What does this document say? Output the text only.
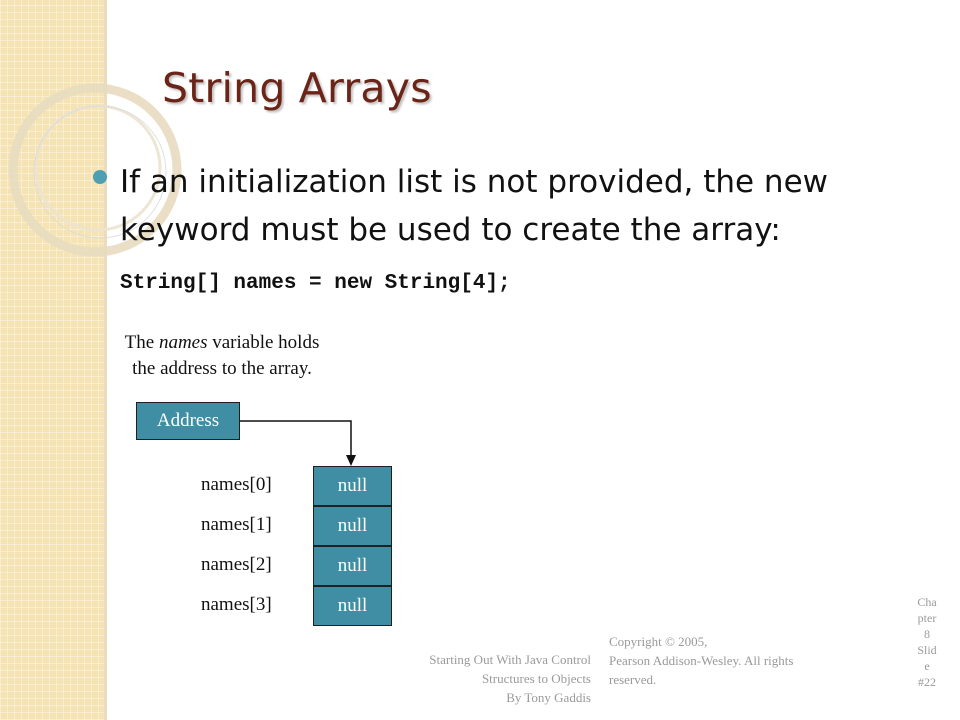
String Arrays
If an initialization list is not provided, the new keyword must be used to create the array: String[] names = new String[4];
The names variable holds
the address to the array.
Address
null
null
null
null
names[0]
names[1]
names[2]
names[3]
Starting Out With Java Control
Structures to Objects
By Tony Gaddis
Copyright © 2005,
Pearson Addison-Wesley. All rights
reserved.
Cha
pter
8
Slid
e
#22
